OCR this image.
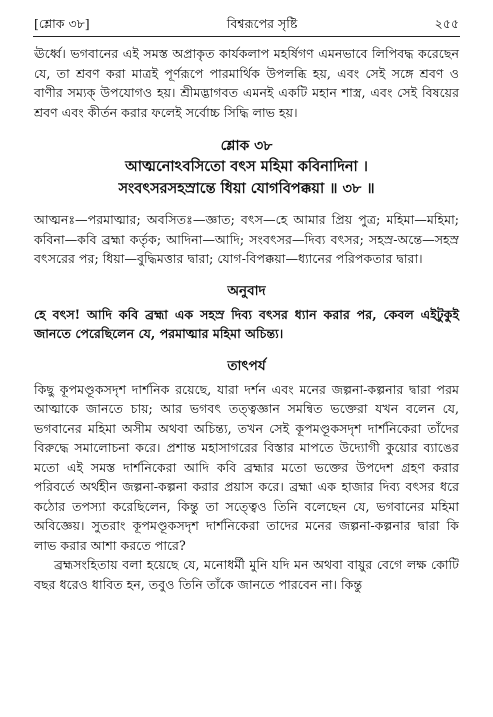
[শ্লোক ৩৮]	বিশ্বরূপের সৃষ্টি	২৫৫

ঊর্ধ্বে। ভগবানের এই সমস্ত অপ্রাকৃত কার্যকলাপ মহর্ষিগণ এমনভাবে লিপিবদ্ধ করেছেন যে, তা শ্রবণ করা মাত্রই পূর্ণরূপে পারমার্থিক উপলব্ধি হয়, এবং সেই সঙ্গে শ্রবণ ও বাণীর সম্যক্‌ উপযোগও হয়। শ্রীমদ্ভাগবত এমনই একটি মহান শাস্ত্র, এবং সেই বিষয়ের শ্রবণ এবং কীর্তন করার ফলেই সর্বোচ্চ সিদ্ধি লাভ হয়।

শ্লোক ৩৮
আত্মনোঽবসিতো বৎস মহিমা কবিনাদিনা ।
সংবৎসরসহস্রান্তে ধিয়া যোগবিপক্কয়া ॥ ৩৮ ॥

আত্মনঃ—পরমাত্মার; অবসিতঃ—জ্ঞাত; বৎস—হে আমার প্রিয় পুত্র; মহিমা—মহিমা; কবিনা—কবি ব্রহ্মা কর্তৃক; আদিনা—আদি; সংবৎসর—দিব্য বৎসর; সহস্র-অন্তে—সহস্র বৎসরের পর; ধিয়া—বুদ্ধিমত্তার দ্বারা; যোগ-বিপক্কয়া—ধ্যানের পরিপকতার দ্বারা।

অনুবাদ

হে বৎস! আদি কবি ব্রহ্মা এক সহস্র দিব্য বৎসর ধ্যান করার পর, কেবল এইটুকুই জানতে পেরেছিলেন যে, পরমাত্মার মহিমা অচিন্ত্য।

তাৎপর্য

কিছু কূপমণ্ডূকসদৃশ দার্শনিক রয়েছে, যারা দর্শন এবং মনের জল্পনা-কল্পনার দ্বারা পরম আত্মাকে জানতে চায়; আর ভগবৎ তত্ত্বজ্ঞান সমন্বিত ভক্তেরা যখন বলেন যে, ভগবানের মহিমা অসীম অথবা অচিন্ত্য, তখন সেই কূপমণ্ডূকসদৃশ দার্শনিকেরা তাঁদের বিরুদ্ধে সমালোচনা করে। প্রশান্ত মহাসাগরের বিস্তার মাপতে উদ্যোগী কুয়োর ব্যাঙের মতো এই সমস্ত দার্শনিকেরা আদি কবি ব্রহ্মার মতো ভক্তের উপদেশ গ্রহণ করার পরিবর্তে অর্থহীন জল্পনা-কল্পনা করার প্রয়াস করে। ব্রহ্মা এক হাজার দিব্য বৎসর ধরে কঠোর তপস্যা করেছিলেন, কিন্তু তা সত্ত্বেও তিনি বলেছেন যে, ভগবানের মহিমা অবিজ্ঞেয়। সুতরাং কূপমণ্ডূকসদৃশ দার্শনিকেরা তাদের মনের জল্পনা-কল্পনার দ্বারা কি লাভ করার আশা করতে পারে?

ব্রহ্মসংহিতায় বলা হয়েছে যে, মনোধর্মী মুনি যদি মন অথবা বায়ুর বেগে লক্ষ কোটি বছর ধরেও ধাবিত হন, তবুও তিনি তাঁকে জানতে পারবেন না। কিন্তু
